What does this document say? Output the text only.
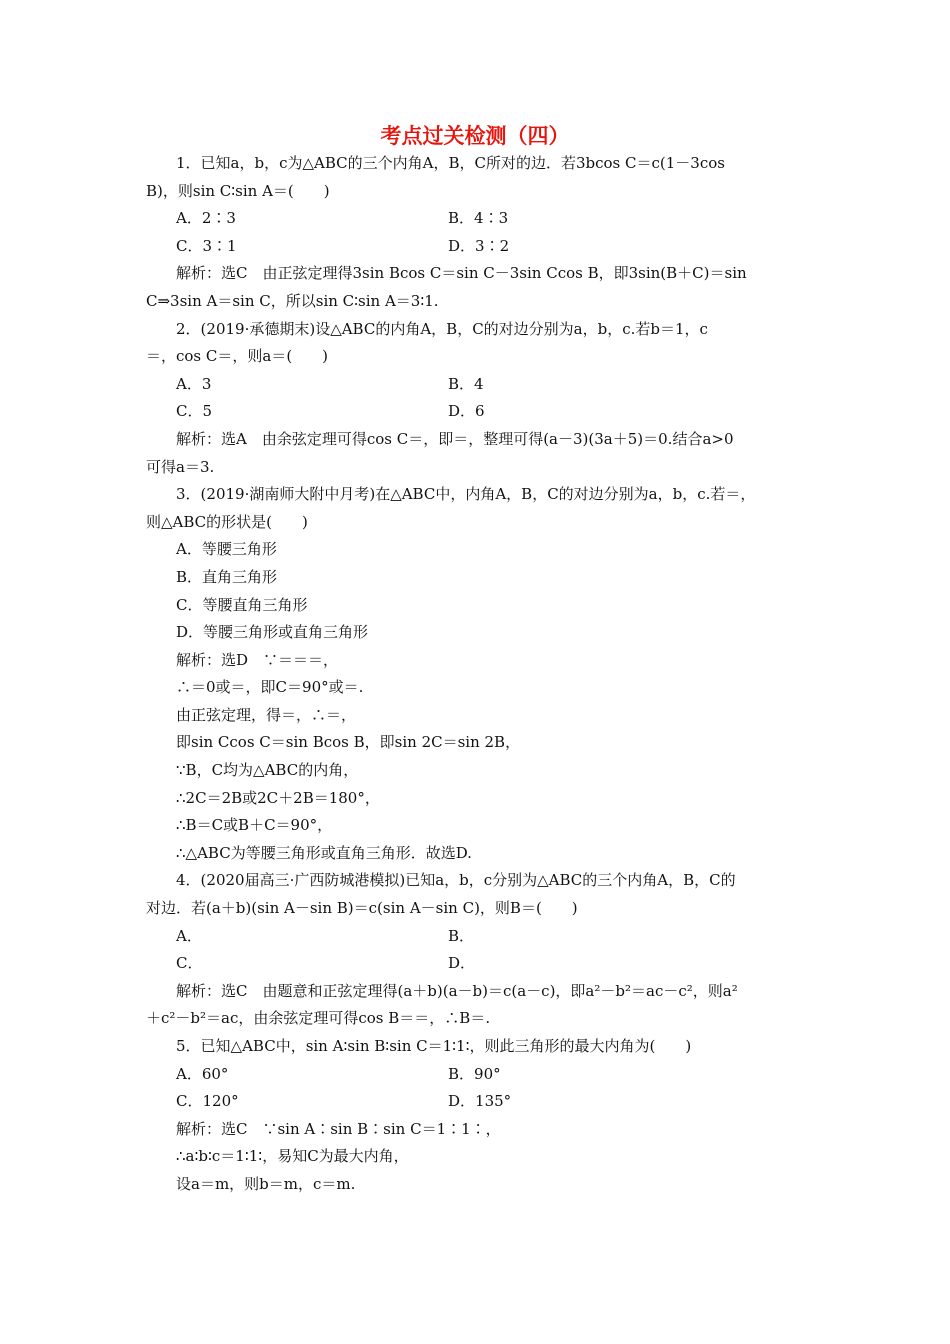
考点过关检测（四）
1．已知a，b，c为△ABC的三个内角A，B，C所对的边．若3bcos C＝c(1－3cos
B)，则sin C∶sin A＝(　　)
A．2∶3	B．4∶3
C．3∶1	D．3∶2
解析：选C　由正弦定理得3sin Bcos C＝sin C－3sin Ccos B，即3sin(B＋C)＝sin
C⇒3sin A＝sin C，所以sin C∶sin A＝3∶1.
2．(2019·承德期末)设△ABC的内角A，B，C的对边分别为a，b，c.若b＝1，c
＝，cos C＝，则a＝(　　)
A．3	B．4
C．5	D．6
解析：选A　由余弦定理可得cos C＝，即＝，整理可得(a－3)(3a＋5)＝0.结合a>0
可得a＝3.
3．(2019·湖南师大附中月考)在△ABC中，内角A，B，C的对边分别为a，b，c.若＝，
则△ABC的形状是(　　)
A．等腰三角形
B．直角三角形
C．等腰直角三角形
D．等腰三角形或直角三角形
解析：选D　∵＝＝＝，
∴＝0或＝，即C＝90°或＝.
由正弦定理，得＝，∴＝，
即sin Ccos C＝sin Bcos B，即sin 2C＝sin 2B，
∵B，C均为△ABC的内角，
∴2C＝2B或2C＋2B＝180°，
∴B＝C或B＋C＝90°，
∴△ABC为等腰三角形或直角三角形．故选D.
4．(2020届高三·广西防城港模拟)已知a，b，c分别为△ABC的三个内角A，B，C的
对边．若(a＋b)(sin A－sin B)＝c(sin A－sin C)，则B＝(　　)
A．	B．
C．	D．
解析：选C　由题意和正弦定理得(a＋b)(a－b)＝c(a－c)，即a²－b²＝ac－c²，则a²
＋c²－b²＝ac，由余弦定理可得cos B＝＝，∴B＝.
5．已知△ABC中，sin A∶sin B∶sin C＝1∶1∶，则此三角形的最大内角为(　　)
A．60°	B．90°
C．120°	D．135°
解析：选C　∵sin A∶sin B∶sin C＝1∶1∶，
∴a∶b∶c＝1∶1∶，易知C为最大内角，
设a＝m，则b＝m，c＝m.
